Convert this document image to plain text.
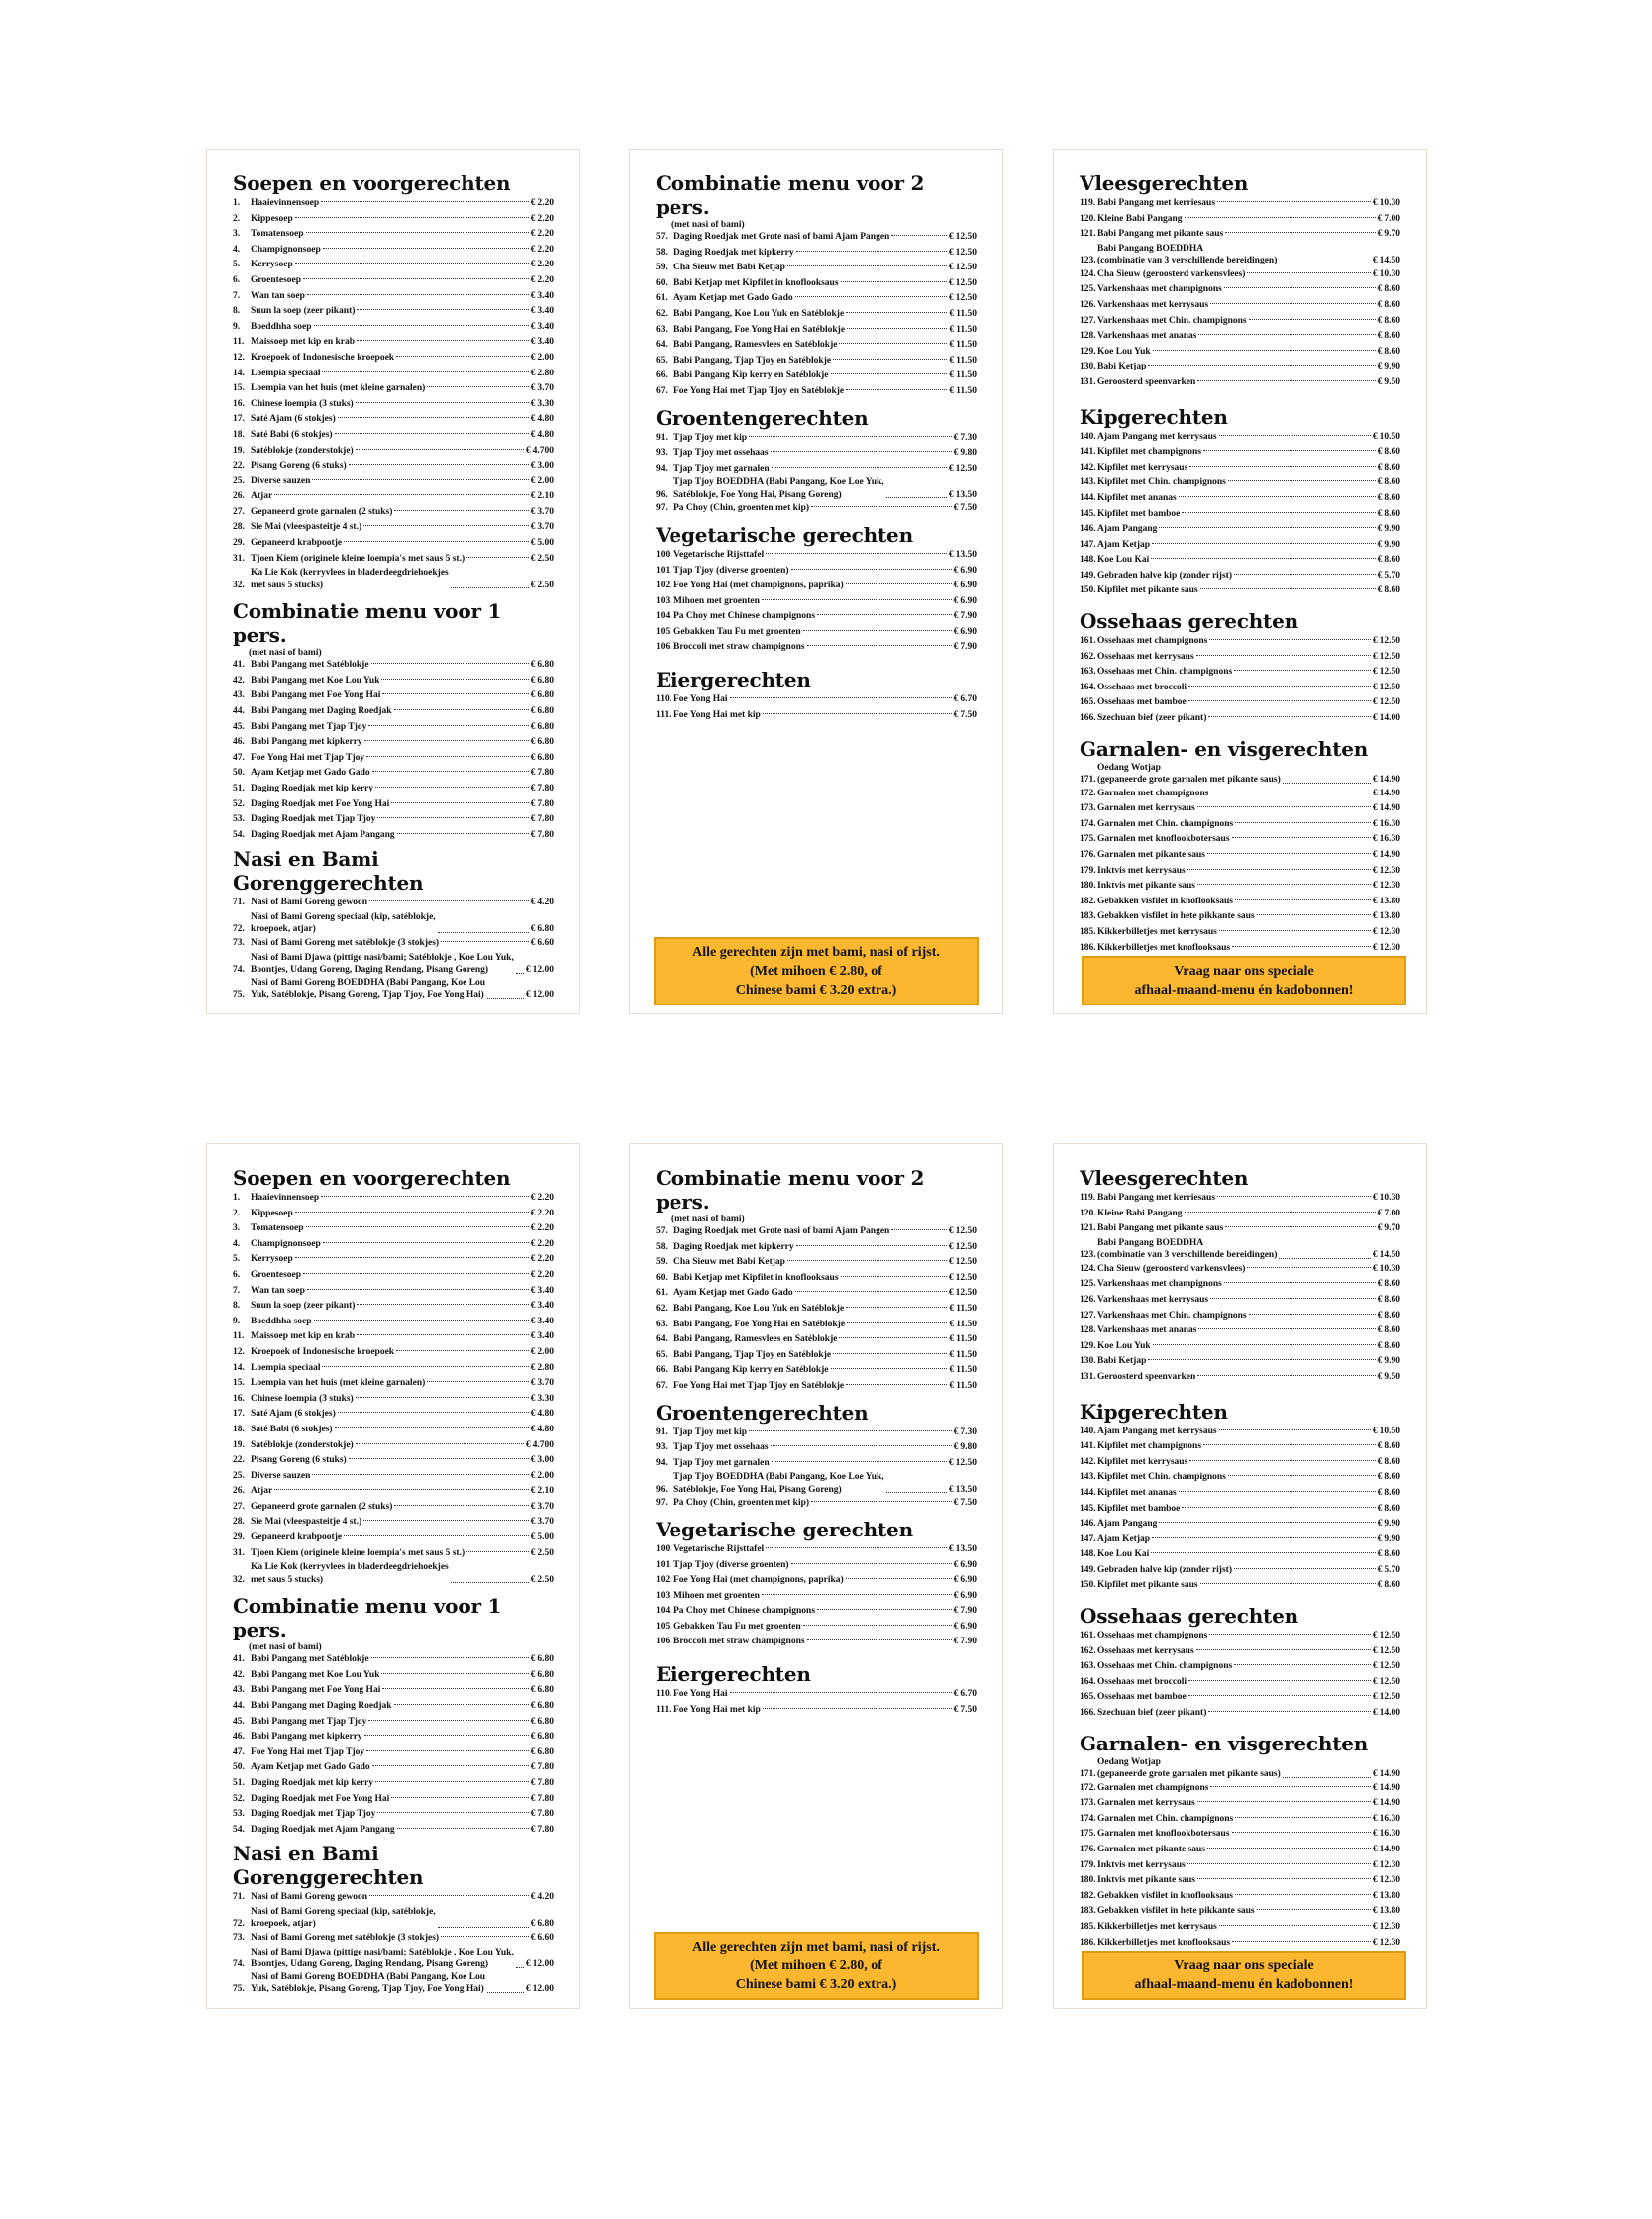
Soepen en voorgerechten
1.	Haaievinnensoep	€ 2.20
2.	Kippesoep	€ 2.20
3.	Tomatensoep	€ 2.20
4.	Champignonsoep	€ 2.20
5.	Kerrysoep	€ 2.20
6.	Groentesoep	€ 2.20
7.	Wan tan soep	€ 3.40
8.	Suun la soep (zeer pikant)	€ 3.40
9.	Boeddhha soep	€ 3.40
11. Maissoep met kip en krab	€ 3.40
12. Kroepoek of Indonesische kroepoek	€ 2.00
14. Loempia speciaal	€ 2.80
15. Loempia van het huis (met kleine garnalen)	€ 3.70
16. Chinese loempia (3 stuks)	€ 3.30
17. Saté Ajam (6 stokjes)	€ 4.80
18. Saté Babi (6 stokjes)	€ 4.80
19. Satéblokje (zonderstokje)	€ 4.700
22. Pisang Goreng (6 stuks)	€ 3.00
25. Diverse sauzen	€ 2.00
26. Atjar	€ 2.10
27. Gepaneerd grote garnalen (2 stuks)	€ 3.70
28. Sie Mai (vleespasteitje 4 st.)	€ 3.70
29. Gepaneerd krabpootje	€ 5.00
31. Tjoen Kiem (originele kleine loempia's met saus 5 st.)	€ 2.50
32.
Ka Lie Kok (kerryvlees in bladerdeegdriehoekjes
met saus 5 stucks)	€ 2.50
Combinatie menu voor 1 pers.
(met nasi of bami)
41. Babi Pangang met Satéblokje	€ 6.80
42. Babi Pangang met Koe Lou Yuk	€ 6.80
43. Babi Pangang met Foe Yong Hai	€ 6.80
44. Babi Pangang met Daging Roedjak	€ 6.80
45. Babi Pangang met Tjap Tjoy	€ 6.80
46. Babi Pangang met kipkerry	€ 6.80
47. Foe Yong Hai met Tjap Tjoy	€ 6.80
50. Ayam Ketjap met Gado Gado	€ 7.80
51. Daging Roedjak met kip kerry	€ 7.80
52. Daging Roedjak met Foe Yong Hai	€ 7.80
53. Daging Roedjak met Tjap Tjoy	€ 7.80
54. Daging Roedjak met Ajam Pangang	€ 7.80
Nasi en Bami Gorenggerechten
71. Nasi of Bami Goreng gewoon	€ 4.20
72.
Nasi of Bami Goreng speciaal (kip, satéblokje,
kroepoek, atjar)	€ 6.80
73. Nasi of Bami Goreng met satéblokje (3 stokjes)	€ 6.60
74.
Nasi of Bami Djawa (pittige nasi/bami; Satéblokje , Koe Lou Yuk,
Boontjes, Udang Goreng, Daging Rendang, Pisang Goreng)	€ 12.00
75.
Nasi of Bami Goreng BOEDDHA (Babi Pangang, Koe Lou
Yuk, Satéblokje, Pisang Goreng, Tjap Tjoy, Foe Yong Hai)	€ 12.00
Combinatie menu voor 2 pers.
(met nasi of bami)
57. Daging Roedjak met Grote nasi of bami Ajam Pangen	€ 12.50
58. Daging Roedjak met kipkerry	€ 12.50
59. Cha Sieuw met Babi Ketjap	€ 12.50
60. Babi Ketjap met Kipfilet in knoflooksaus	€ 12.50
61. Ayam Ketjap met Gado Gado	€ 12.50
62. Babi Pangang, Koe Lou Yuk en Satéblokje	€ 11.50
63. Babi Pangang, Foe Yong Hai en Satéblokje	€ 11.50
64. Babi Pangang, Ramesvlees en Satéblokje	€ 11.50
65. Babi Pangang, Tjap Tjoy en Satéblokje	€ 11.50
66. Babi Pangang Kip kerry en Satéblokje	€ 11.50
67. Foe Yong Hai met Tjap Tjoy en Satéblokje	€ 11.50
Groentengerechten
91. Tjap Tjoy met kip	€ 7.30
93. Tjap Tjoy met ossehaas	€ 9.80
94. Tjap Tjoy met garnalen	€ 12.50
96.
Tjap Tjoy BOEDDHA (Babi Pangang, Koe Loe Yuk,
Satéblokje, Foe Yong Hai, Pisang Goreng)	€ 13.50
97. Pa Choy (Chin, groenten met kip)	€ 7.50
Vegetarische gerechten
100. Vegetarische Rijsttafel	€ 13.50
101. Tjap Tjoy (diverse groenten)	€ 6.90
102. Foe Yong Hai (met champignons, paprika)	€ 6.90
103. Mihoen met groenten	€ 6.90
104. Pa Choy met Chinese champignons	€ 7.90
105. Gebakken Tau Fu met groenten	€ 6.90
106. Broccoli met straw champignons	€ 7.90
Eiergerechten
110. Foe Yong Hai	€ 6.70
111. Foe Yong Hai met kip	€ 7.50
Alle gerechten zijn met bami, nasi of rijst.
(Met mihoen € 2.80, of
Chinese bami € 3.20 extra.)
Vleesgerechten
119. Babi Pangang met kerriesaus	€ 10.30
120. Kleine Babi Pangang	€ 7.00
121. Babi Pangang met pikante saus	€ 9.70
123.
Babi Pangang BOEDDHA
(combinatie van 3 verschillende bereidingen)	€ 14.50
124. Cha Sieuw (geroosterd varkensvlees)	€ 10.30
125. Varkenshaas met champignons	€ 8.60
126. Varkenshaas met kerrysaus	€ 8.60
127. Varkenshaas met Chin. champignons	€ 8.60
128. Varkenshaas met ananas	€ 8.60
129. Koe Lou Yuk	€ 8.60
130. Babi Ketjap	€ 9.90
131. Geroosterd speenvarken	€ 9.50
Kipgerechten
140. Ajam Pangang met kerrysaus	€ 10.50
141. Kipfilet met champignons	€ 8.60
142. Kipfilet met kerrysaus	€ 8.60
143. Kipfilet met Chin. champignons	€ 8.60
144. Kipfilet met ananas	€ 8.60
145. Kipfilet met bamboe	€ 8.60
146. Ajam Pangang	€ 9.90
147. Ajam Ketjap	€ 9.90
148. Koe Lou Kai	€ 8.60
149. Gebraden halve kip (zonder rijst)	€ 5.70
150. Kipfilet met pikante saus	€ 8.60
Ossehaas gerechten
161. Ossehaas met champignons	€ 12.50
162. Ossehaas met kerrysaus	€ 12.50
163. Ossehaas met Chin. champignons	€ 12.50
164. Ossehaas met broccoli	€ 12.50
165. Ossehaas met bamboe	€ 12.50
166. Szechuan bief (zeer pikant)	€ 14.00
Garnalen- en visgerechten
171.
Oedang Wotjap
(gepaneerde grote garnalen met pikante saus)	€ 14.90
172. Garnalen met champignons	€ 14.90
173. Garnalen met kerrysaus	€ 14.90
174. Garnalen met Chin. champignons	€ 16.30
175. Garnalen met knoflookbotersaus	€ 16.30
176. Garnalen met pikante saus	€ 14.90
179. Inktvis met kerrysaus	€ 12.30
180. Inktvis met pikante saus	€ 12.30
182. Gebakken visfilet in knoflooksaus	€ 13.80
183. Gebakken visfilet in hete pikkante saus	€ 13.80
185. Kikkerbilletjes met kerrysaus	€ 12.30
186. Kikkerbilletjes met knoflooksaus	€ 12.30
Vraag naar ons speciale
afhaal-maand-menu én kadobonnen!
Soepen en voorgerechten
1.	Haaievinnensoep	€ 2.20
2.	Kippesoep	€ 2.20
3.	Tomatensoep	€ 2.20
4.	Champignonsoep	€ 2.20
5.	Kerrysoep	€ 2.20
6.	Groentesoep	€ 2.20
7.	Wan tan soep	€ 3.40
8.	Suun la soep (zeer pikant)	€ 3.40
9.	Boeddhha soep	€ 3.40
11. Maissoep met kip en krab	€ 3.40
12. Kroepoek of Indonesische kroepoek	€ 2.00
14. Loempia speciaal	€ 2.80
15. Loempia van het huis (met kleine garnalen)	€ 3.70
16. Chinese loempia (3 stuks)	€ 3.30
17. Saté Ajam (6 stokjes)	€ 4.80
18. Saté Babi (6 stokjes)	€ 4.80
19. Satéblokje (zonderstokje)	€ 4.700
22. Pisang Goreng (6 stuks)	€ 3.00
25. Diverse sauzen	€ 2.00
26. Atjar	€ 2.10
27. Gepaneerd grote garnalen (2 stuks)	€ 3.70
28. Sie Mai (vleespasteitje 4 st.)	€ 3.70
29. Gepaneerd krabpootje	€ 5.00
31. Tjoen Kiem (originele kleine loempia's met saus 5 st.)	€ 2.50
32.
Ka Lie Kok (kerryvlees in bladerdeegdriehoekjes
met saus 5 stucks)	€ 2.50
Combinatie menu voor 1 pers.
(met nasi of bami)
41. Babi Pangang met Satéblokje	€ 6.80
42. Babi Pangang met Koe Lou Yuk	€ 6.80
43. Babi Pangang met Foe Yong Hai	€ 6.80
44. Babi Pangang met Daging Roedjak	€ 6.80
45. Babi Pangang met Tjap Tjoy	€ 6.80
46. Babi Pangang met kipkerry	€ 6.80
47. Foe Yong Hai met Tjap Tjoy	€ 6.80
50. Ayam Ketjap met Gado Gado	€ 7.80
51. Daging Roedjak met kip kerry	€ 7.80
52. Daging Roedjak met Foe Yong Hai	€ 7.80
53. Daging Roedjak met Tjap Tjoy	€ 7.80
54. Daging Roedjak met Ajam Pangang	€ 7.80
Nasi en Bami Gorenggerechten
71. Nasi of Bami Goreng gewoon	€ 4.20
72.
Nasi of Bami Goreng speciaal (kip, satéblokje,
kroepoek, atjar)	€ 6.80
73. Nasi of Bami Goreng met satéblokje (3 stokjes)	€ 6.60
74.
Nasi of Bami Djawa (pittige nasi/bami; Satéblokje , Koe Lou Yuk,
Boontjes, Udang Goreng, Daging Rendang, Pisang Goreng)	€ 12.00
75.
Nasi of Bami Goreng BOEDDHA (Babi Pangang, Koe Lou
Yuk, Satéblokje, Pisang Goreng, Tjap Tjoy, Foe Yong Hai)	€ 12.00
Combinatie menu voor 2 pers.
(met nasi of bami)
57. Daging Roedjak met Grote nasi of bami Ajam Pangen	€ 12.50
58. Daging Roedjak met kipkerry	€ 12.50
59. Cha Sieuw met Babi Ketjap	€ 12.50
60. Babi Ketjap met Kipfilet in knoflooksaus	€ 12.50
61. Ayam Ketjap met Gado Gado	€ 12.50
62. Babi Pangang, Koe Lou Yuk en Satéblokje	€ 11.50
63. Babi Pangang, Foe Yong Hai en Satéblokje	€ 11.50
64. Babi Pangang, Ramesvlees en Satéblokje	€ 11.50
65. Babi Pangang, Tjap Tjoy en Satéblokje	€ 11.50
66. Babi Pangang Kip kerry en Satéblokje	€ 11.50
67. Foe Yong Hai met Tjap Tjoy en Satéblokje	€ 11.50
Groentengerechten
91. Tjap Tjoy met kip	€ 7.30
93. Tjap Tjoy met ossehaas	€ 9.80
94. Tjap Tjoy met garnalen	€ 12.50
96.
Tjap Tjoy BOEDDHA (Babi Pangang, Koe Loe Yuk,
Satéblokje, Foe Yong Hai, Pisang Goreng)	€ 13.50
97. Pa Choy (Chin, groenten met kip)	€ 7.50
Vegetarische gerechten
100. Vegetarische Rijsttafel	€ 13.50
101. Tjap Tjoy (diverse groenten)	€ 6.90
102. Foe Yong Hai (met champignons, paprika)	€ 6.90
103. Mihoen met groenten	€ 6.90
104. Pa Choy met Chinese champignons	€ 7.90
105. Gebakken Tau Fu met groenten	€ 6.90
106. Broccoli met straw champignons	€ 7.90
Eiergerechten
110. Foe Yong Hai	€ 6.70
111. Foe Yong Hai met kip	€ 7.50
Alle gerechten zijn met bami, nasi of rijst.
(Met mihoen € 2.80, of
Chinese bami € 3.20 extra.)
Vleesgerechten
119. Babi Pangang met kerriesaus	€ 10.30
120. Kleine Babi Pangang	€ 7.00
121. Babi Pangang met pikante saus	€ 9.70
123.
Babi Pangang BOEDDHA
(combinatie van 3 verschillende bereidingen)	€ 14.50
124. Cha Sieuw (geroosterd varkensvlees)	€ 10.30
125. Varkenshaas met champignons	€ 8.60
126. Varkenshaas met kerrysaus	€ 8.60
127. Varkenshaas met Chin. champignons	€ 8.60
128. Varkenshaas met ananas	€ 8.60
129. Koe Lou Yuk	€ 8.60
130. Babi Ketjap	€ 9.90
131. Geroosterd speenvarken	€ 9.50
Kipgerechten
140. Ajam Pangang met kerrysaus	€ 10.50
141. Kipfilet met champignons	€ 8.60
142. Kipfilet met kerrysaus	€ 8.60
143. Kipfilet met Chin. champignons	€ 8.60
144. Kipfilet met ananas	€ 8.60
145. Kipfilet met bamboe	€ 8.60
146. Ajam Pangang	€ 9.90
147. Ajam Ketjap	€ 9.90
148. Koe Lou Kai	€ 8.60
149. Gebraden halve kip (zonder rijst)	€ 5.70
150. Kipfilet met pikante saus	€ 8.60
Ossehaas gerechten
161. Ossehaas met champignons	€ 12.50
162. Ossehaas met kerrysaus	€ 12.50
163. Ossehaas met Chin. champignons	€ 12.50
164. Ossehaas met broccoli	€ 12.50
165. Ossehaas met bamboe	€ 12.50
166. Szechuan bief (zeer pikant)	€ 14.00
Garnalen- en visgerechten
171.
Oedang Wotjap
(gepaneerde grote garnalen met pikante saus)	€ 14.90
172. Garnalen met champignons	€ 14.90
173. Garnalen met kerrysaus	€ 14.90
174. Garnalen met Chin. champignons	€ 16.30
175. Garnalen met knoflookbotersaus	€ 16.30
176. Garnalen met pikante saus	€ 14.90
179. Inktvis met kerrysaus	€ 12.30
180. Inktvis met pikante saus	€ 12.30
182. Gebakken visfilet in knoflooksaus	€ 13.80
183. Gebakken visfilet in hete pikkante saus	€ 13.80
185. Kikkerbilletjes met kerrysaus	€ 12.30
186. Kikkerbilletjes met knoflooksaus	€ 12.30
Vraag naar ons speciale
afhaal-maand-menu én kadobonnen!
